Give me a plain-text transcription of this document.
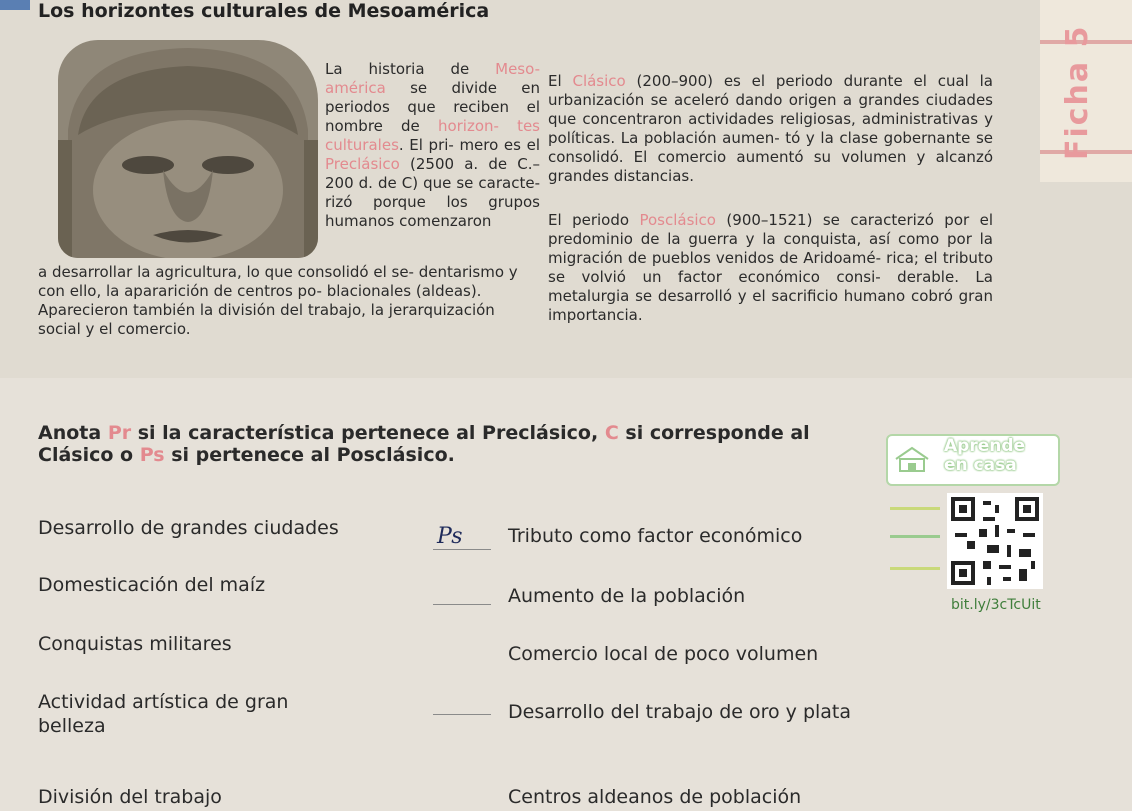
Los horizontes culturales de Mesoamérica
La historia de Meso- américa se divide en periodos que reciben el nombre de horizon- tes culturales. El pri- mero es el Preclásico (2500 a. de C.–200 d. de C) que se caracte- rizó porque los grupos humanos comenzaron
a desarrollar la agricultura, lo que consolidó el se- dentarismo y con ello, la apararición de centros po- blacionales (aldeas). Aparecieron también la división del trabajo, la jerarquización social y el comercio.
El Clásico (200–900) es el periodo durante el cual la urbanización se aceleró dando origen a grandes ciudades que concentraron actividades religiosas, administrativas y políticas. La población aumen- tó y la clase gobernante se consolidó. El comercio aumentó su volumen y alcanzó grandes distancias.
El periodo Posclásico (900–1521) se caracterizó por el predominio de la guerra y la conquista, así como por la migración de pueblos venidos de Aridoamé- rica; el tributo se volvió un factor económico consi- derable. La metalurgia se desarrolló y el sacrificio humano cobró gran importancia.
Ficha 5
Anota Pr si la característica pertenece al Preclásico, C si corresponde al Clásico o Ps si pertenece al Posclásico.	Aprende
en casa
bit.ly/3cTcUit
Desarrollo de grandes ciudades
Domesticación del maíz
Conquistas militares
Actividad artística de gran belleza
División del trabajo
Tributo como factor económico
Aumento de la población
Comercio local de poco volumen
Desarrollo del trabajo de oro y plata
Centros aldeanos de población
Ps
